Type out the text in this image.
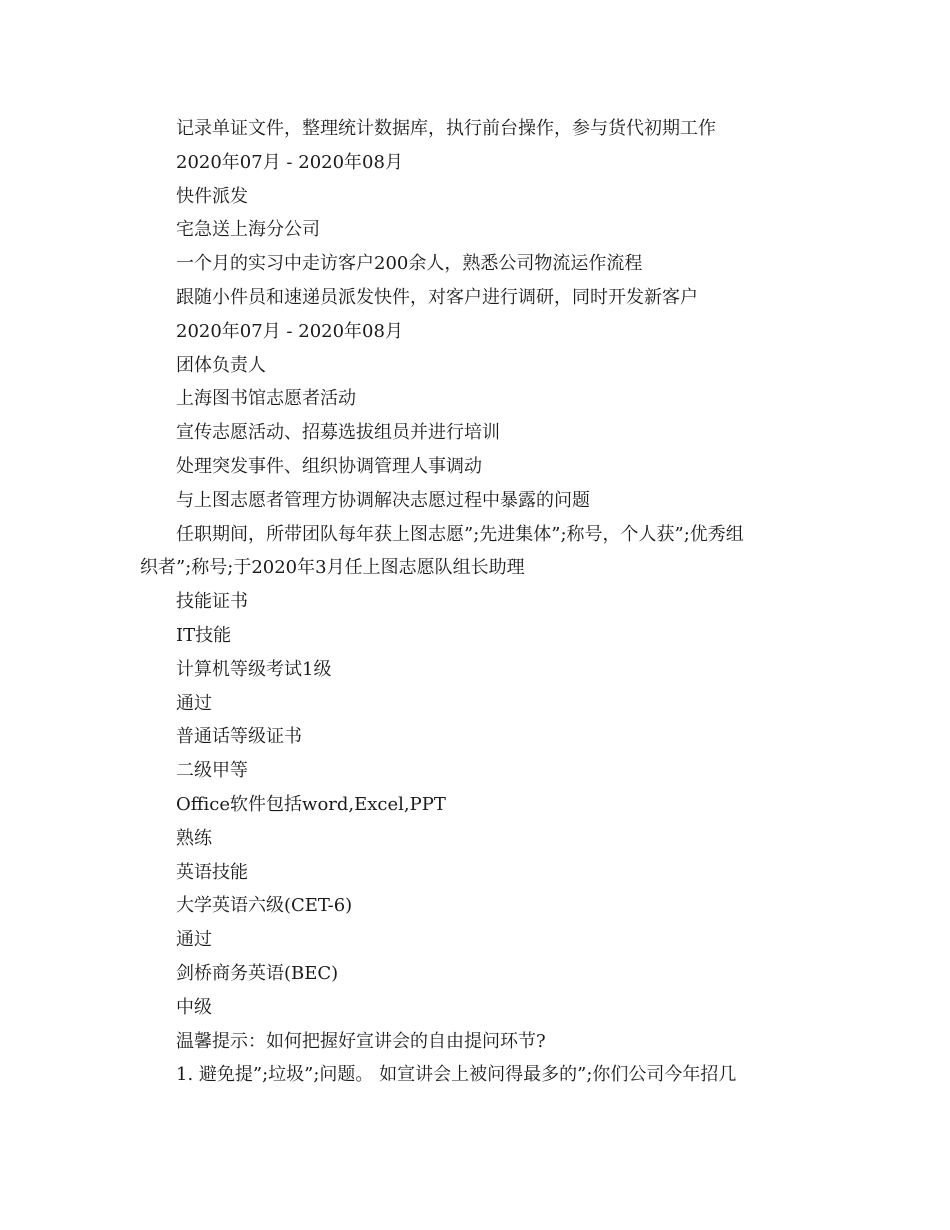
记录单证文件，整理统计数据库，执行前台操作，参与货代初期工作
2020年07月 - 2020年08月
快件派发
宅急送上海分公司
一个月的实习中走访客户200余人，熟悉公司物流运作流程
跟随小件员和速递员派发快件，对客户进行调研，同时开发新客户
2020年07月 - 2020年08月
团体负责人
上海图书馆志愿者活动
宣传志愿活动、招募选拔组员并进行培训
处理突发事件、组织协调管理人事调动
与上图志愿者管理方协调解决志愿过程中暴露的问题
任职期间，所带团队每年获上图志愿”;先进集体”;称号，个人获”;优秀组
织者”;称号;于2020年3月任上图志愿队组长助理
技能证书
IT技能
计算机等级考试1级
通过
普通话等级证书
二级甲等
Office软件包括word,Excel,PPT
熟练
英语技能
大学英语六级(CET-6)
通过
剑桥商务英语(BEC)
中级
温馨提示：如何把握好宣讲会的自由提问环节?
1. 避免提”;垃圾”;问题。 如宣讲会上被问得最多的”;你们公司今年招几
